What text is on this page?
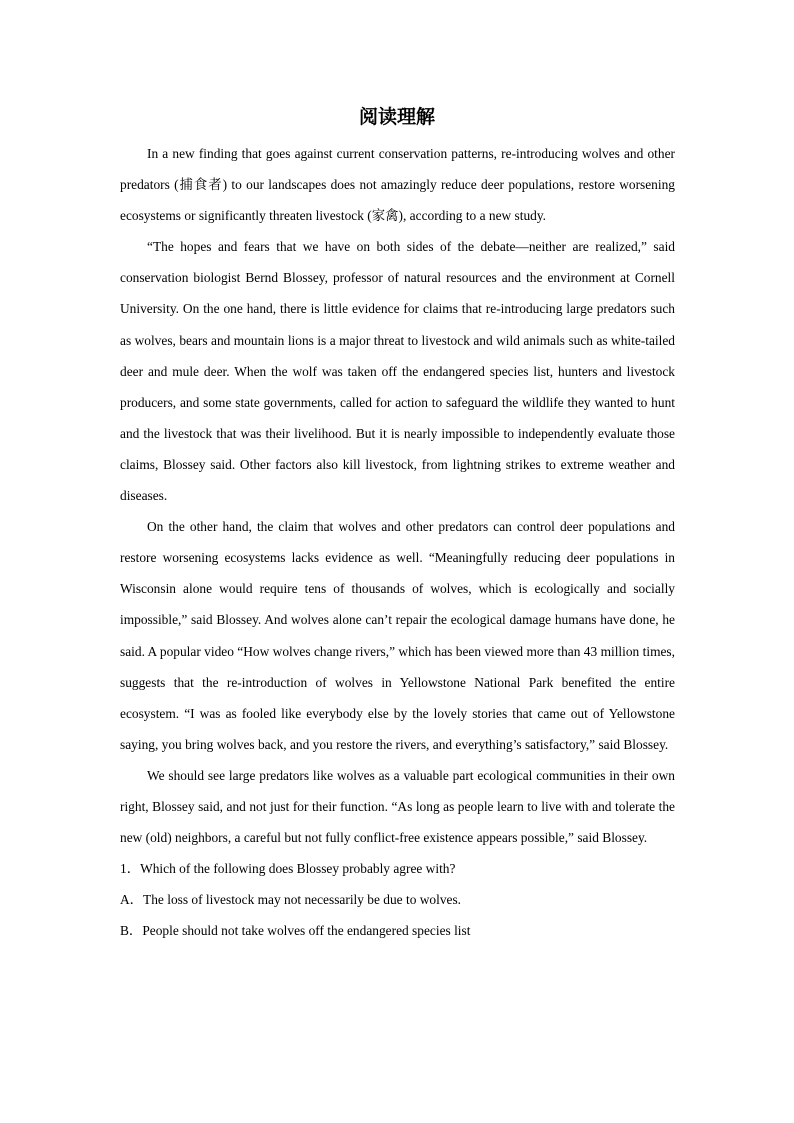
阅读理解

In a new finding that goes against current conservation patterns, re-introducing wolves and other predators (捕食者) to our landscapes does not amazingly reduce deer populations, restore worsening ecosystems or significantly threaten livestock (家禽), according to a new study.

“The hopes and fears that we have on both sides of the debate—neither are realized,” said conservation biologist Bernd Blossey, professor of natural resources and the environment at Cornell University. On the one hand, there is little evidence for claims that re-introducing large predators such as wolves, bears and mountain lions is a major threat to livestock and wild animals such as white-tailed deer and mule deer. When the wolf was taken off the endangered species list, hunters and livestock producers, and some state governments, called for action to safeguard the wildlife they wanted to hunt and the livestock that was their livelihood. But it is nearly impossible to independently evaluate those claims, Blossey said. Other factors also kill livestock, from lightning strikes to extreme weather and diseases.

On the other hand, the claim that wolves and other predators can control deer populations and restore worsening ecosystems lacks evidence as well. “Meaningfully reducing deer populations in Wisconsin alone would require tens of thousands of wolves, which is ecologically and socially impossible,” said Blossey. And wolves alone can’t repair the ecological damage humans have done, he said. A popular video “How wolves change rivers,” which has been viewed more than 43 million times, suggests that the re-introduction of wolves in Yellowstone National Park benefited the entire ecosystem. “I was as fooled like everybody else by the lovely stories that came out of Yellowstone saying, you bring wolves back, and you restore the rivers, and everything’s satisfactory,” said Blossey.

We should see large predators like wolves as a valuable part ecological communities in their own right, Blossey said, and not just for their function. “As long as people learn to live with and tolerate the new (old) neighbors, a careful but not fully conflict-free existence appears possible,” said Blossey.

1．Which of the following does Blossey probably agree with?

A．The loss of livestock may not necessarily be due to wolves.

B．People should not take wolves off the endangered species list
